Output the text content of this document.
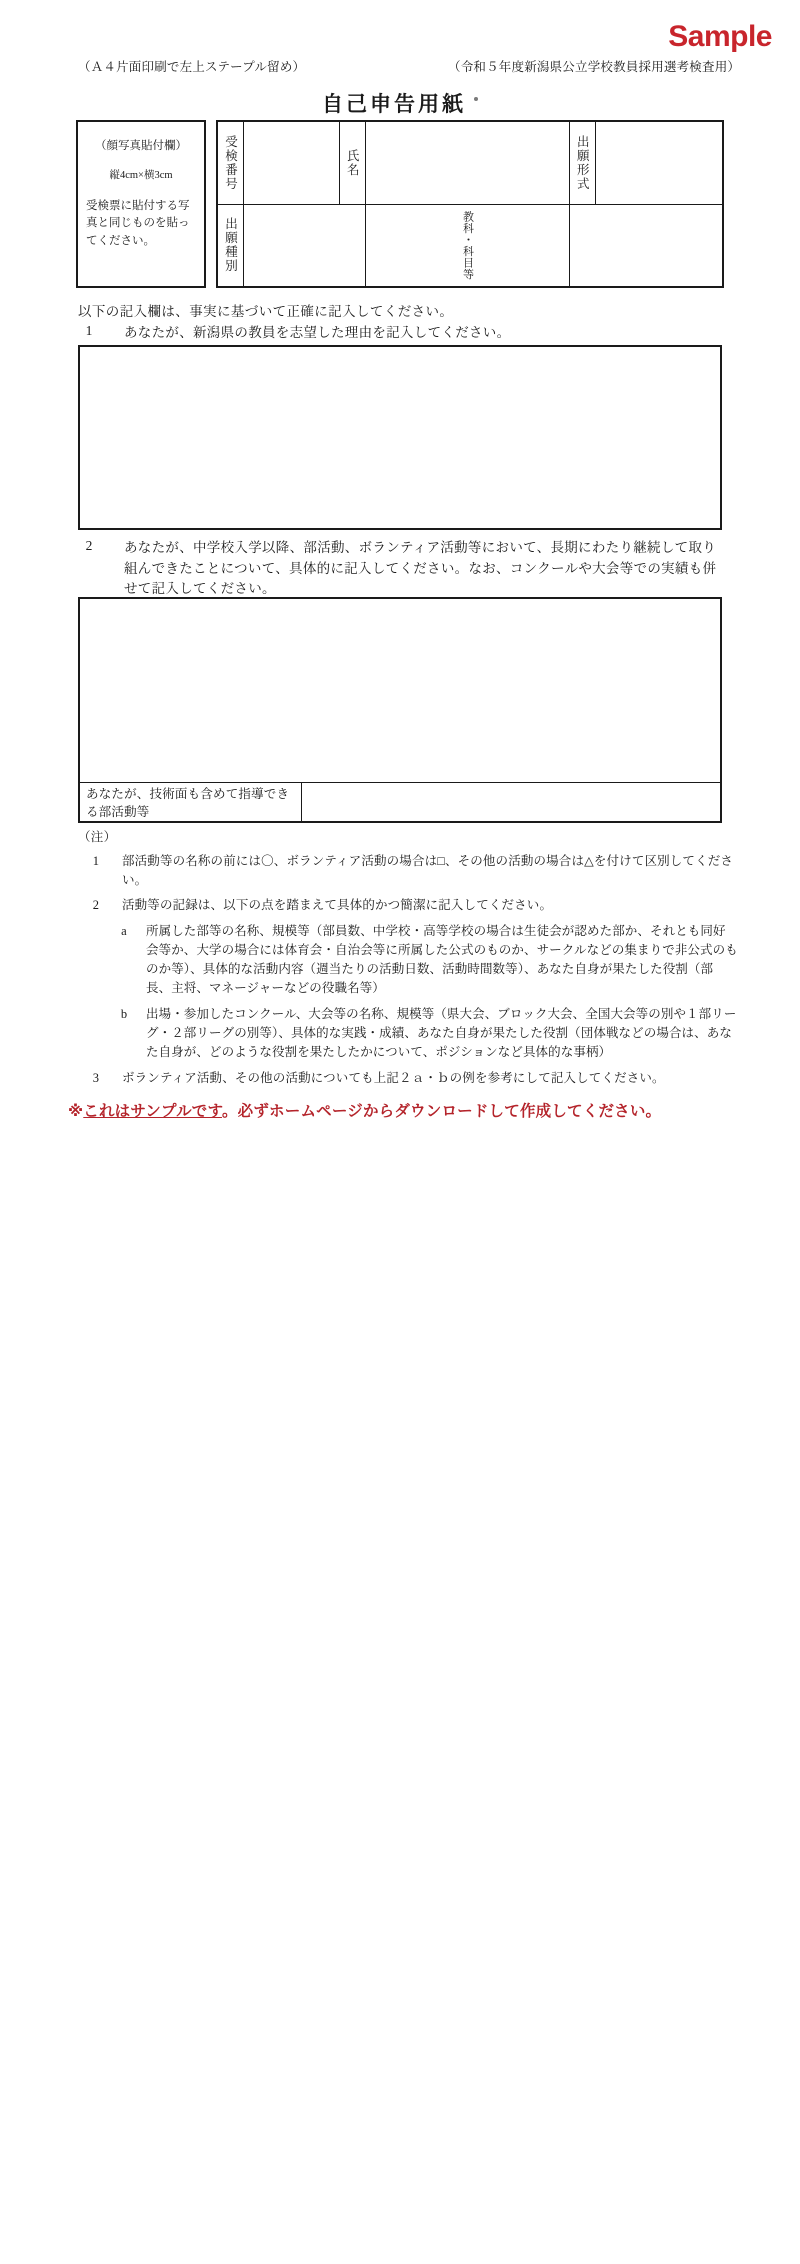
Sample
（Ａ４片面印刷で左上ステープル留め）	（令和５年度新潟県公立学校教員採用選考検査用）
自己申告用紙
（顔写真貼付欄）
縦4cm×横3cm
受検票に貼付する写真と同じものを貼ってください。
受検番号		氏名		出願形式	

出願種別			教科・科目等		

以下の記入欄は、事実に基づいて正確に記入してください。
1	あなたが、新潟県の教員を志望した理由を記入してください。
2	あなたが、中学校入学以降、部活動、ボランティア活動等において、長期にわたり継続して取り組んできたことについて、具体的に記入してください。なお、コンクールや大会等での実績も併せて記入してください。
あなたが、技術面も含めて指導できる部活動等
（注）
1	部活動等の名称の前には〇、ボランティア活動の場合は□、その他の活動の場合は△を付けて区別してください。
2	活動等の記録は、以下の点を踏まえて具体的かつ簡潔に記入してください。
a	所属した部等の名称、規模等（部員数、中学校・高等学校の場合は生徒会が認めた部か、それとも同好会等か、大学の場合には体育会・自治会等に所属した公式のものか、サークルなどの集まりで非公式のものか等）、具体的な活動内容（週当たりの活動日数、活動時間数等）、あなた自身が果たした役割（部長、主将、マネージャーなどの役職名等）
b	出場・参加したコンクール、大会等の名称、規模等（県大会、ブロック大会、全国大会等の別や１部リーグ・２部リーグの別等）、具体的な実践・成績、あなた自身が果たした役割（団体戦などの場合は、あなた自身が、どのような役割を果たしたかについて、ポジションなど具体的な事柄）
3	ボランティア活動、その他の活動についても上記２ａ・ｂの例を参考にして記入してください。
※これはサンプルです。必ずホームページからダウンロードして作成してください。
